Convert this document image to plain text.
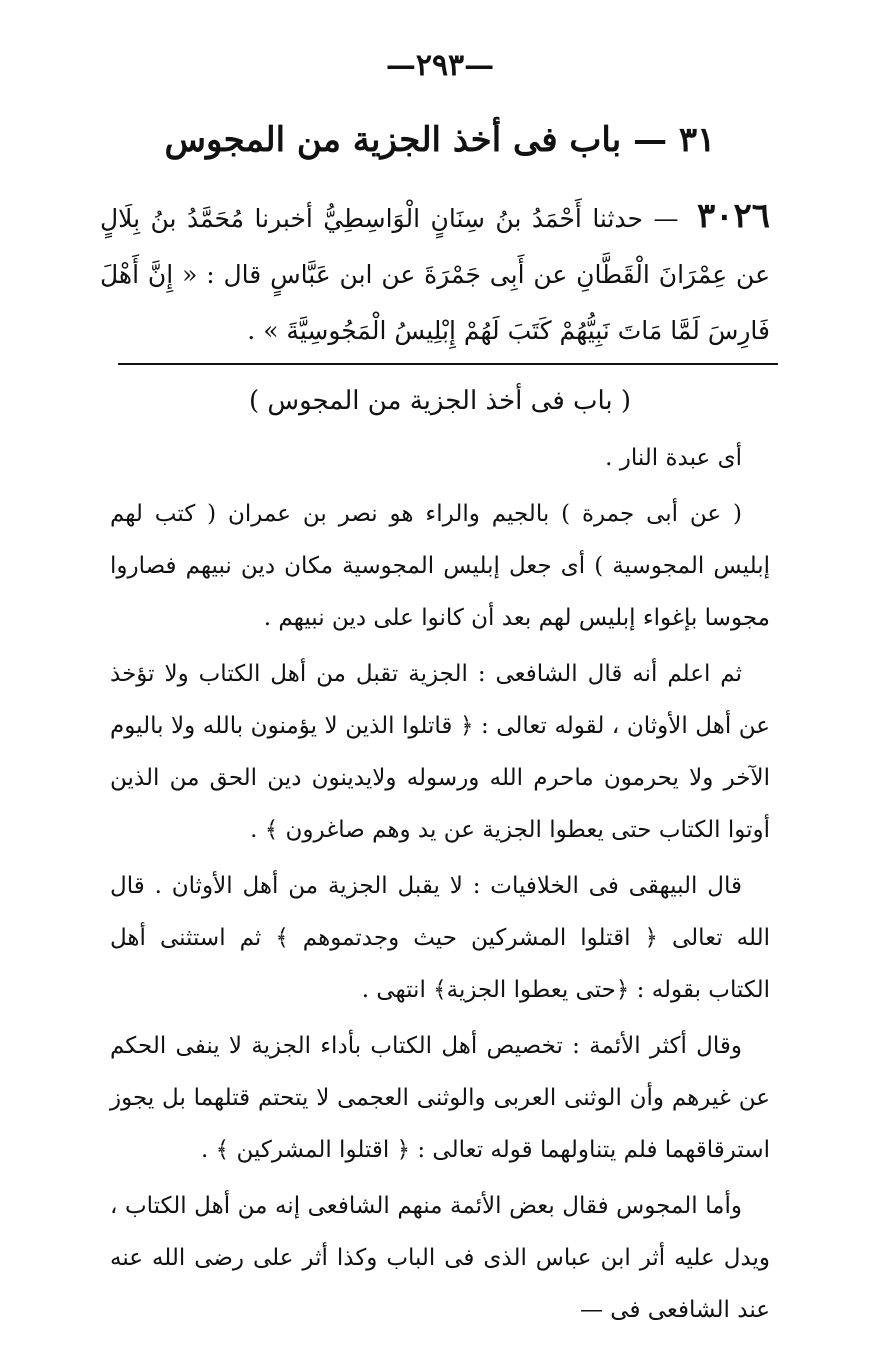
—٢٩٣—
٣١ — باب فى أخذ الجزية من المجوس
٣٠٢٦ — حدثنا أَحْمَدُ بنُ سِنَانٍ الْوَاسِطِيُّ أخبرنا مُحَمَّدُ بنُ بِلَالٍ عن عِمْرَانَ الْقَطَّانِ عن أَبِى جَمْرَةَ عن ابن عَبَّاسٍ قال : « إِنَّ أَهْلَ فَارِسَ لَمَّا مَاتَ نَبِيُّهُمْ كَتَبَ لَهُمْ إِبْلِيسُ الْمَجُوسِيَّةَ » .
( باب فى أخذ الجزية من المجوس )

أى عبدة النار .

( عن أبى جمرة ) بالجيم والراء هو نصر بن عمران ( كتب لهم إبليس المجوسية ) أى جعل إبليس المجوسية مكان دين نبيهم فصاروا مجوسا بإغواء إبليس لهم بعد أن كانوا على دين نبيهم .

ثم اعلم أنه قال الشافعى : الجزية تقبل من أهل الكتاب ولا تؤخذ عن أهل الأوثان ، لقوله تعالى : ﴿ قاتلوا الذين لا يؤمنون بالله ولا باليوم الآخر ولا يحرمون ماحرم الله ورسوله ولايدينون دين الحق من الذين أوتوا الكتاب حتى يعطوا الجزية عن يد وهم صاغرون ﴾ .

قال البيهقى فى الخلافيات : لا يقبل الجزية من أهل الأوثان . قال الله تعالى ﴿ اقتلوا المشركين حيث وجدتموهم ﴾ ثم استثنى أهل الكتاب بقوله : ﴿حتى يعطوا الجزية﴾ انتهى .

وقال أكثر الأئمة : تخصيص أهل الكتاب بأداء الجزية لا ينفى الحكم عن غيرهم وأن الوثنى العربى والوثنى العجمى لا يتحتم قتلهما بل يجوز استرقاقهما فلم يتناولهما قوله تعالى : ﴿ اقتلوا المشركين ﴾ .

وأما المجوس فقال بعض الأئمة منهم الشافعى إنه من أهل الكتاب ، ويدل عليه أثر ابن عباس الذى فى الباب وكذا أثر على رضى الله عنه عند الشافعى فى —
